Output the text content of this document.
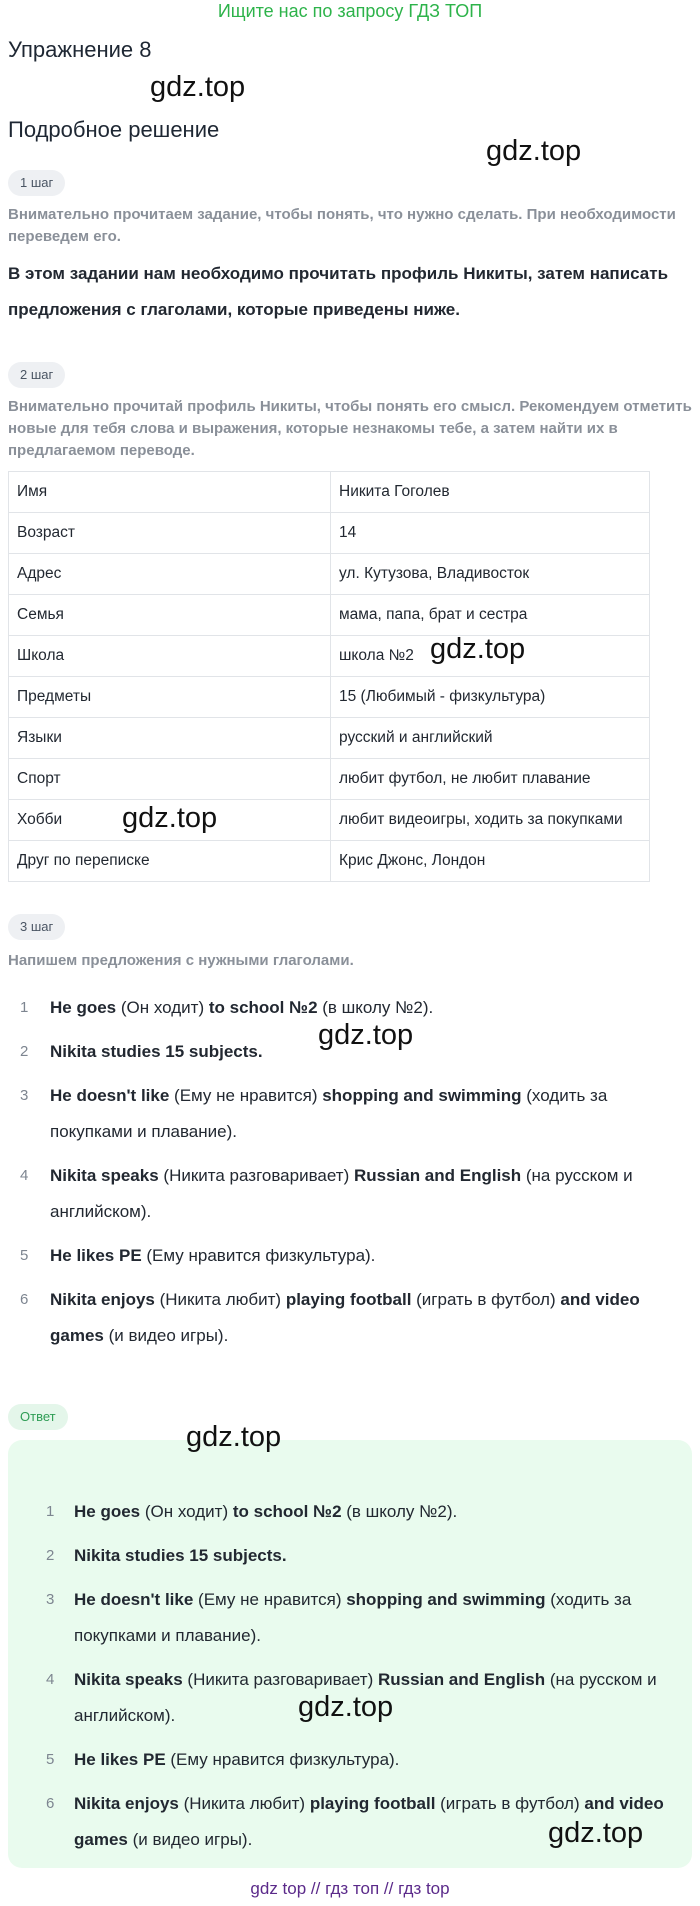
Ищите нас по запросу ГДЗ ТОП
Упражнение 8
gdz.top
Подробное решение
gdz.top
1 шаг
Внимательно прочитаем задание, чтобы понять, что нужно сделать. При необходимости переведем его.
В этом задании нам необходимо прочитать профиль Никиты, затем написать предложения с глаголами, которые приведены ниже.
2 шаг
Внимательно прочитай профиль Никиты, чтобы понять его смысл. Рекомендуем отметить новые для тебя слова и выражения, которые незнакомы тебе, а затем найти их в предлагаемом переводе.
Имя	Никита Гоголев
Возраст	14
Адрес	ул. Кутузова, Владивосток
Семья	мама, папа, брат и сестра
Школа	школа №2
Предметы	15 (Любимый - физкультура)
Языки	русский и английский
Спорт	любит футбол, не любит плавание
Хобби	любит видеоигры, ходить за покупками
Друг по переписке	Крис Джонс, Лондон
gdz.top
gdz.top
3 шаг
Напишем предложения с нужными глаголами.
1	He goes (Он ходит) to school №2 (в школу №2).
2	Nikita studies 15 subjects.
3	He doesn't like (Ему не нравится) shopping and swimming (ходить за покупками и плавание).
4	Nikita speaks (Никита разговаривает) Russian and English (на русском и английском).
5	He likes PE (Ему нравится физкультура).
6	Nikita enjoys (Никита любит) playing football (играть в футбол) and video games (и видео игры).
gdz.top
Ответ
gdz.top
1	He goes (Он ходит) to school №2 (в школу №2).
2	Nikita studies 15 subjects.
3	He doesn't like (Ему не нравится) shopping and swimming (ходить за покупками и плавание).
4	Nikita speaks (Никита разговаривает) Russian and English (на русском и английском).
5	He likes PE (Ему нравится физкультура).
6	Nikita enjoys (Никита любит) playing football (играть в футбол) and video games (и видео игры).
gdz.top
gdz.top
gdz top // гдз топ // гдз top
